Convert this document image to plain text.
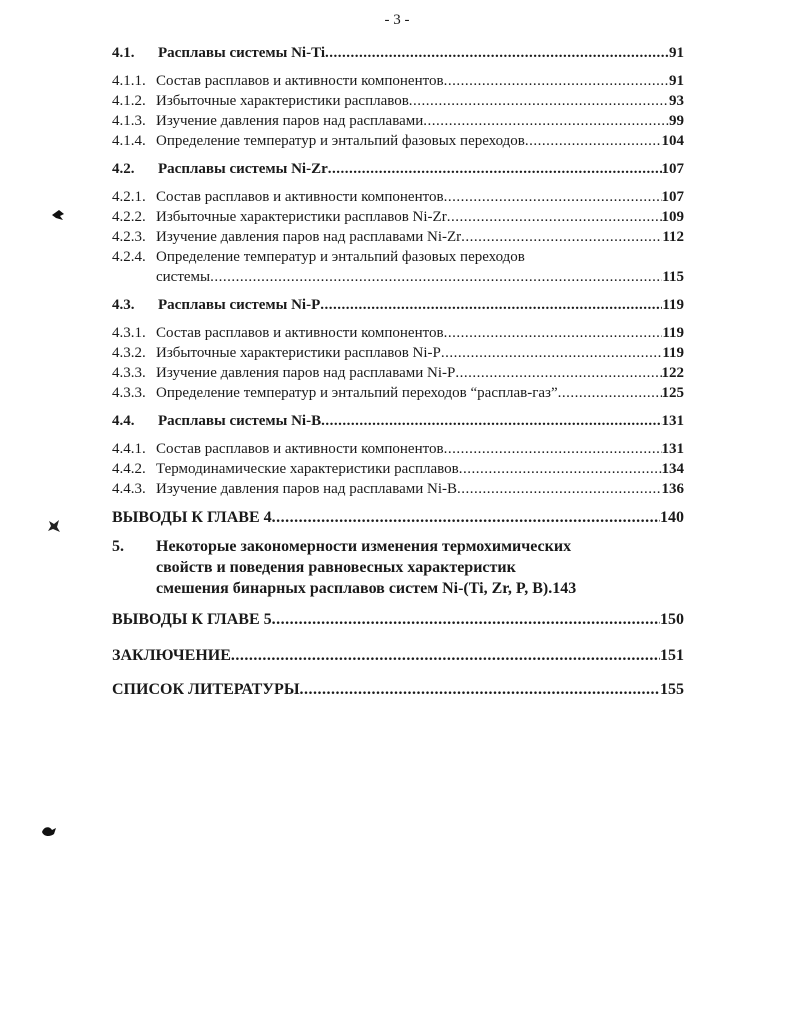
- 3 -
4.1.	Расплавы системы Ni-Ti .....	91
4.1.1. Состав расплавов и активности компонентов .....	91
4.1.2. Избыточные характеристики расплавов .....	93
4.1.3. Изучение давления паров над расплавами .....	99
4.1.4. Определение температур и энтальпий фазовых переходов .....	104
4.2.	Расплавы системы Ni-Zr .....	107
4.2.1. Состав расплавов и активности компонентов .....	107
4.2.2. Избыточные характеристики расплавов Ni-Zr .....	109
4.2.3. Изучение давления паров над расплавами Ni-Zr .....	112
4.2.4. Определение температур и энтальпий фазовых переходов
системы .....	115
4.3.	Расплавы системы Ni-P .....	119
4.3.1. Состав расплавов и активности компонентов .....	119
4.3.2. Избыточные характеристики расплавов Ni-P .....	119
4.3.3. Изучение давления паров над расплавами Ni-P .....	122
4.3.3. Определение температур и энтальпий переходов “расплав-газ” .....	125
4.4.	Расплавы системы Ni-B .....	131
4.4.1. Состав расплавов и активности компонентов .....	131
4.4.2. Термодинамические характеристики расплавов .....	134
4.4.3. Изучение давления паров над расплавами Ni-B .....	136
ВЫВОДЫ К ГЛАВЕ 4 .....	140
5.	Некоторые закономерности изменения термохимических
свойств и поведения равновесных характеристик
смешения бинарных расплавов систем Ni-(Ti, Zr, P, B). 143
ВЫВОДЫ К ГЛАВЕ 5 .....	150
ЗАКЛЮЧЕНИЕ .....	151
СПИСОК ЛИТЕРАТУРЫ .....	155
